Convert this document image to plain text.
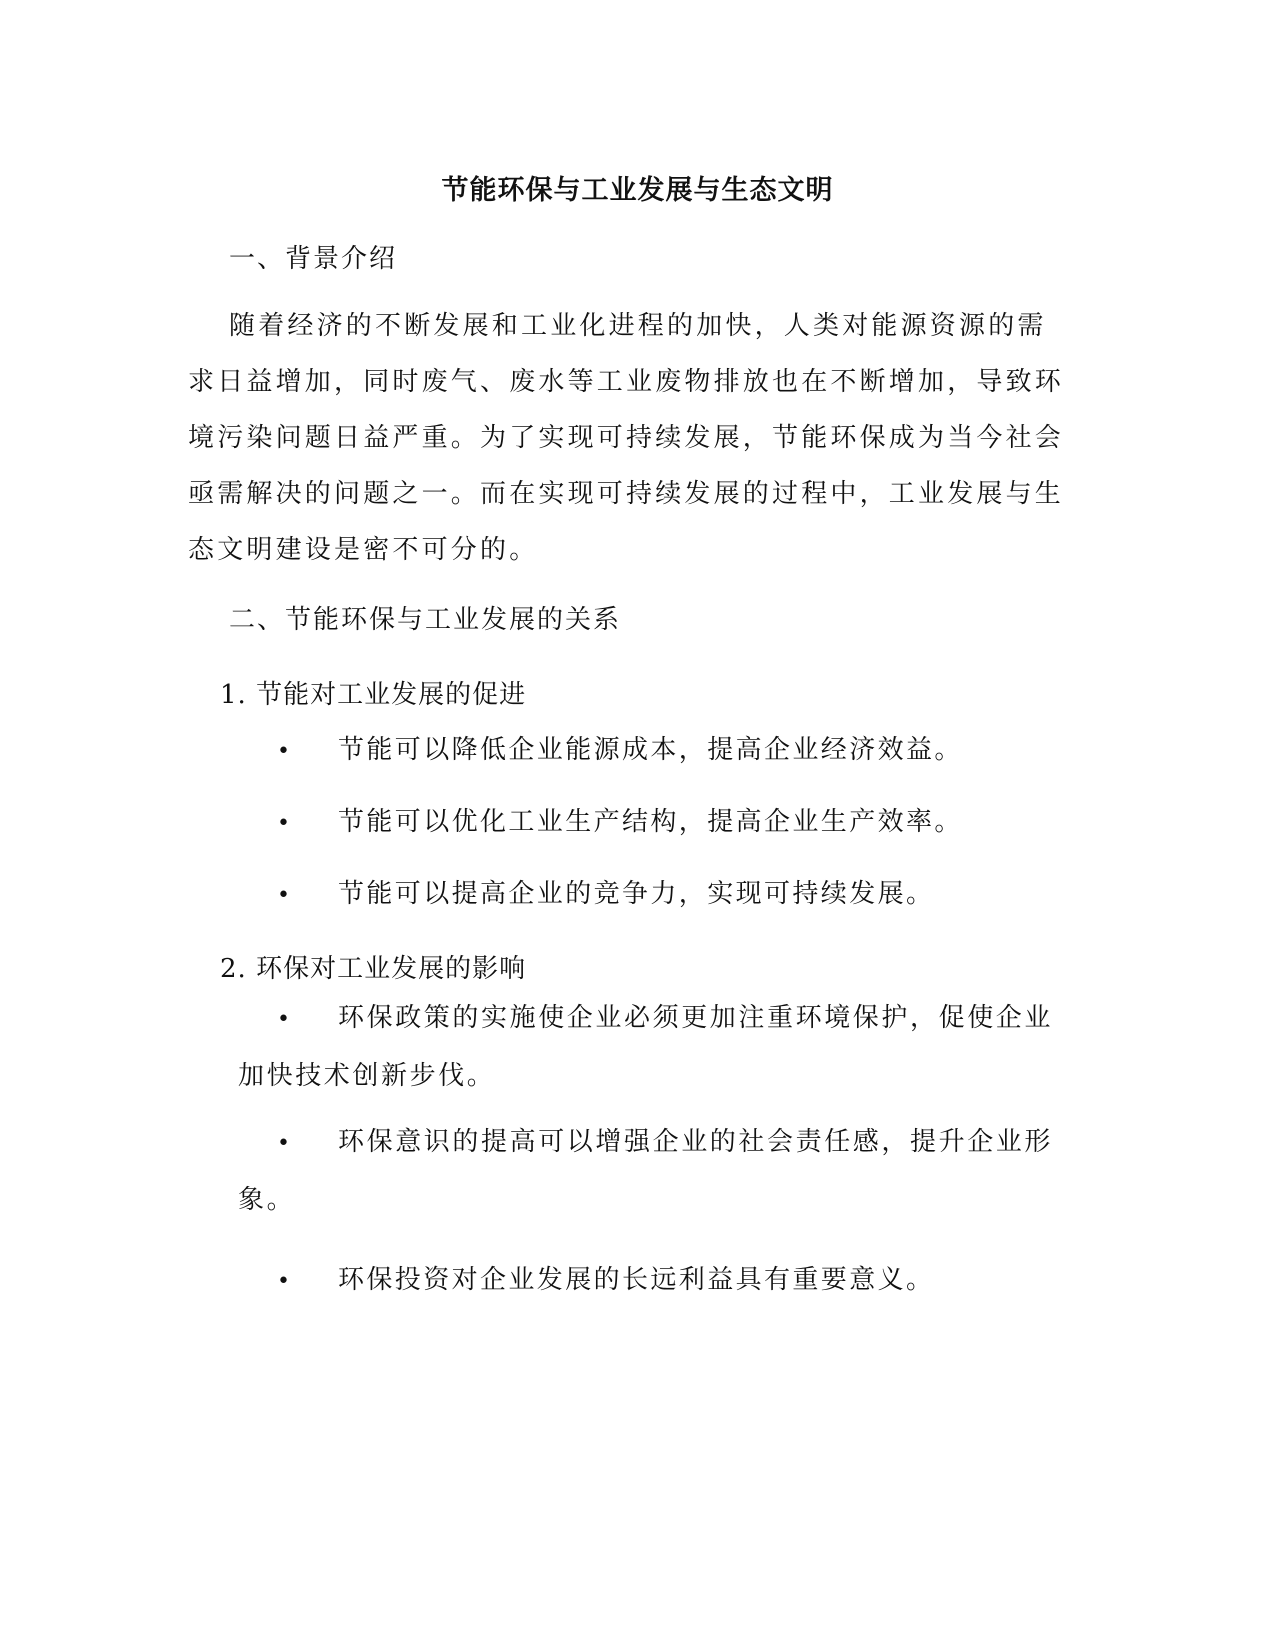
节能环保与工业发展与生态文明
一、背景介绍

随着经济的不断发展和工业化进程的加快，人类对能源资源的需求日益增加，同时废气、废水等工业废物排放也在不断增加，导致环境污染问题日益严重。为了实现可持续发展，节能环保成为当今社会亟需解决的问题之一。而在实现可持续发展的过程中，工业发展与生态文明建设是密不可分的。

二、节能环保与工业发展的关系
1. 节能对工业发展的促进
• 节能可以降低企业能源成本，提高企业经济效益。
• 节能可以优化工业生产结构，提高企业生产效率。
• 节能可以提高企业的竞争力，实现可持续发展。
2. 环保对工业发展的影响

• 环保政策的实施使企业必须更加注重环境保护，促使企业加快技术创新步伐。

• 环保意识的提高可以增强企业的社会责任感，提升企业形象。

• 环保投资对企业发展的长远利益具有重要意义。
